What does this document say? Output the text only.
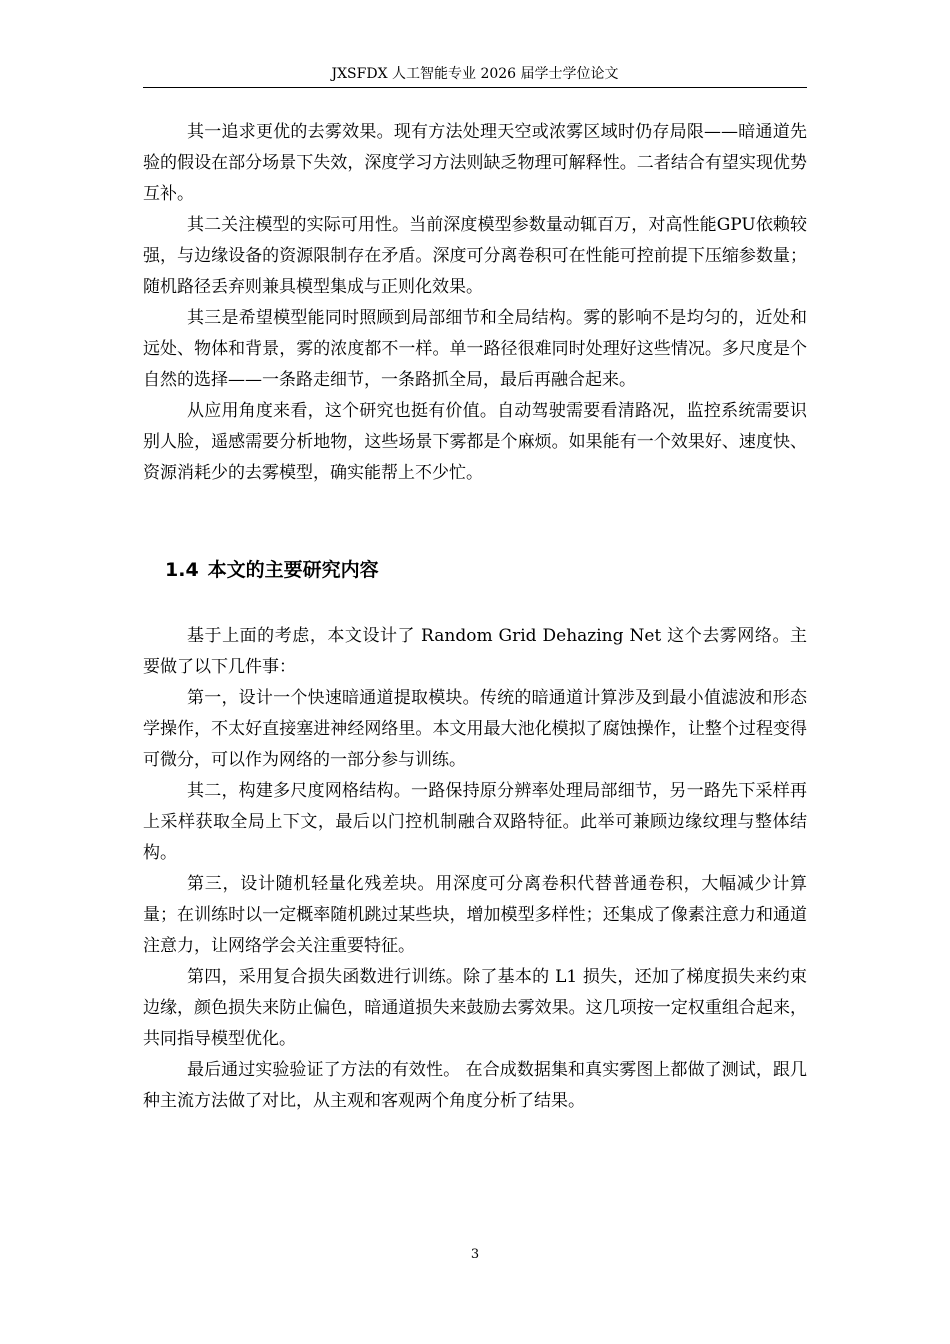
JXSFDX 人工智能专业 2026 届学士学位论文

其一追求更优的去雾效果。现有方法处理天空或浓雾区域时仍存局限——暗通道先验的假设在部分场景下失效，深度学习方法则缺乏物理可解释性。二者结合有望实现优势互补。

其二关注模型的实际可用性。当前深度模型参数量动辄百万，对高性能GPU依赖较强，与边缘设备的资源限制存在矛盾。深度可分离卷积可在性能可控前提下压缩参数量；随机路径丢弃则兼具模型集成与正则化效果。

其三是希望模型能同时照顾到局部细节和全局结构。雾的影响不是均匀的，近处和远处、物体和背景，雾的浓度都不一样。单一路径很难同时处理好这些情况。多尺度是个自然的选择——一条路走细节，一条路抓全局，最后再融合起来。

从应用角度来看，这个研究也挺有价值。自动驾驶需要看清路况，监控系统需要识别人脸，遥感需要分析地物，这些场景下雾都是个麻烦。如果能有一个效果好、速度快、资源消耗少的去雾模型，确实能帮上不少忙。

1.4 本文的主要研究内容

基于上面的考虑，本文设计了 Random Grid Dehazing Net 这个去雾网络。主要做了以下几件事：

第一，设计一个快速暗通道提取模块。传统的暗通道计算涉及到最小值滤波和形态学操作，不太好直接塞进神经网络里。本文用最大池化模拟了腐蚀操作，让整个过程变得可微分，可以作为网络的一部分参与训练。

其二，构建多尺度网格结构。一路保持原分辨率处理局部细节，另一路先下采样再上采样获取全局上下文，最后以门控机制融合双路特征。此举可兼顾边缘纹理与整体结构。

第三，设计随机轻量化残差块。用深度可分离卷积代替普通卷积，大幅减少计算量；在训练时以一定概率随机跳过某些块，增加模型多样性；还集成了像素注意力和通道注意力，让网络学会关注重要特征。

第四，采用复合损失函数进行训练。除了基本的 L1 损失，还加了梯度损失来约束边缘，颜色损失来防止偏色，暗通道损失来鼓励去雾效果。这几项按一定权重组合起来，共同指导模型优化。

最后通过实验验证了方法的有效性。 在合成数据集和真实雾图上都做了测试，跟几种主流方法做了对比，从主观和客观两个角度分析了结果。

3
